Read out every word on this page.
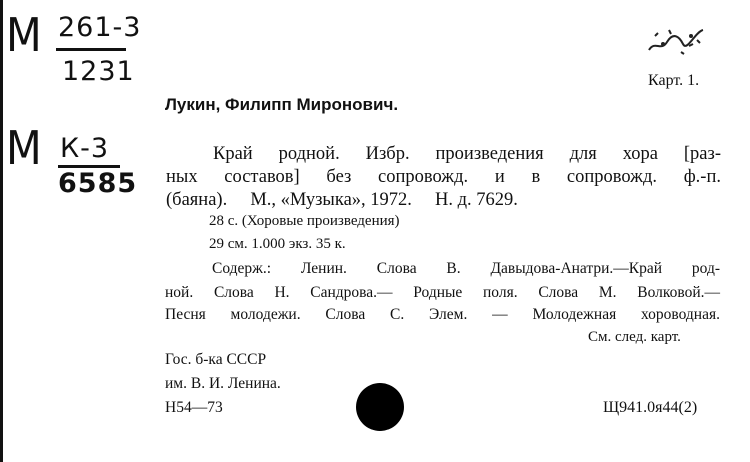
М 261-3
1231
М К-3
6585
Карт. 1.
Лукин, Филипп Миронович.
Край родной. Избр. произведения для хора [раз-
ных составов] без сопровожд. и в сопровожд. ф.-п.
(баяна).     М., «Музыка», 1972.     Н. д. 7629.
28 с. (Хоровые произведения)
29 см. 1.000 экз. 35 к.
Содерж.: Ленин. Слова В. Давыдова-Анатри.—Край род-
ной. Слова Н. Сандрова.— Родные поля. Слова М. Волковой.—
Песня молодежи. Слова С. Элем. — Молодежная хороводная.
См. след. карт.
Гос. б-ка СССР
им. В. И. Ленина.
Н54—73	Щ941.0я44(2)
